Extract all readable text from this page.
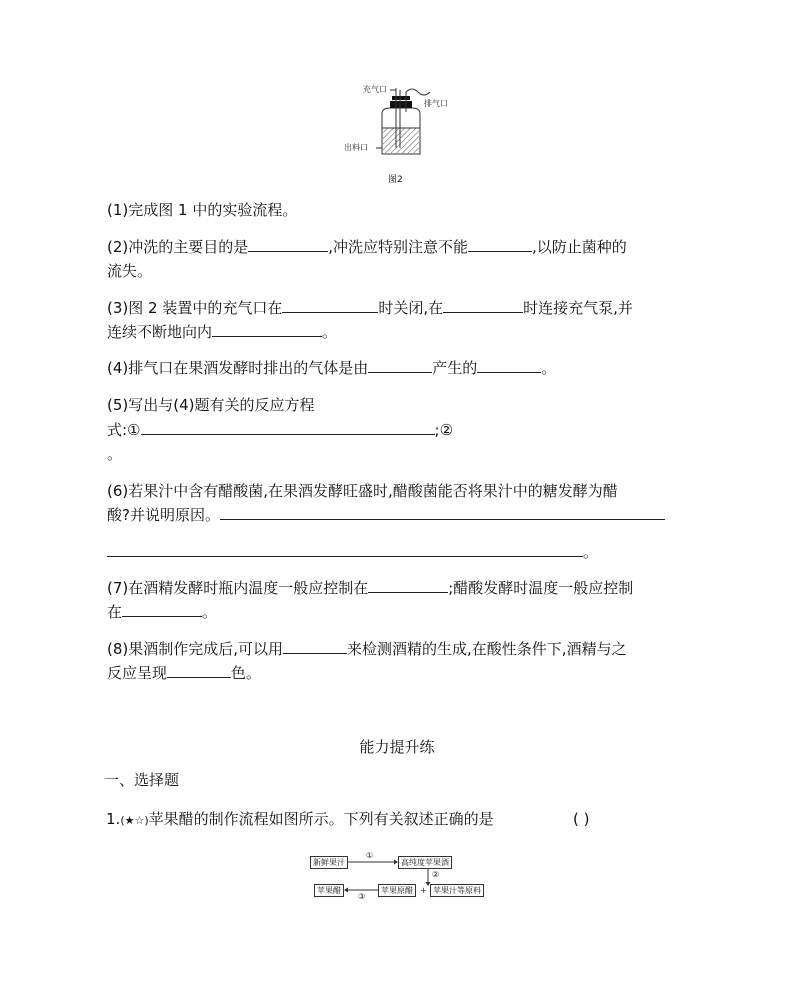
充气口
排气口
出料口
图2
(1)完成图 1 中的实验流程。
(2)冲洗的主要目的是	,冲洗应特别注意不能	,以防止菌种的
流失。
(3)图 2 装置中的充气口在	时关闭,在	时连接充气泵,并
连续不断地向内	。
(4)排气口在果酒发酵时排出的气体是由	产生的	。
(5)写出与(4)题有关的反应方程
式:①	;②
。
(6)若果汁中含有醋酸菌,在果酒发酵旺盛时,醋酸菌能否将果汁中的糖发酵为醋
酸?并说明原因。
。
(7)在酒精发酵时瓶内温度一般应控制在	;醋酸发酵时温度一般应控制
在	。
(8)果酒制作完成后,可以用	来检测酒精的生成,在酸性条件下,酒精与之
反应呈现	色。
能力提升练
一、选择题
1.(★☆)苹果醋的制作流程如图所示。下列有关叙述正确的是	( )
新鲜果汁
①
高纯度苹果酒
②
苹果醋	苹果原醋 + 苹果汁等原料
③
